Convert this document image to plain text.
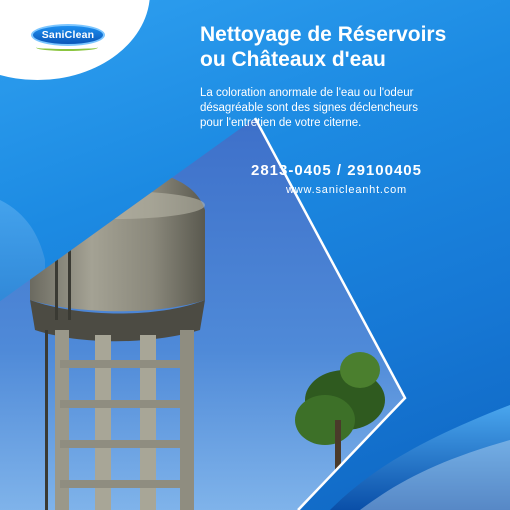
SaniClean	Nettoyage de Réservoirs
ou Châteaux d'eau

La coloration anormale de l'eau ou l'odeur
désagréable sont des signes déclencheurs
pour l'entretien de votre citerne.

2813-0405 / 29100405
www.sanicleanht.com
